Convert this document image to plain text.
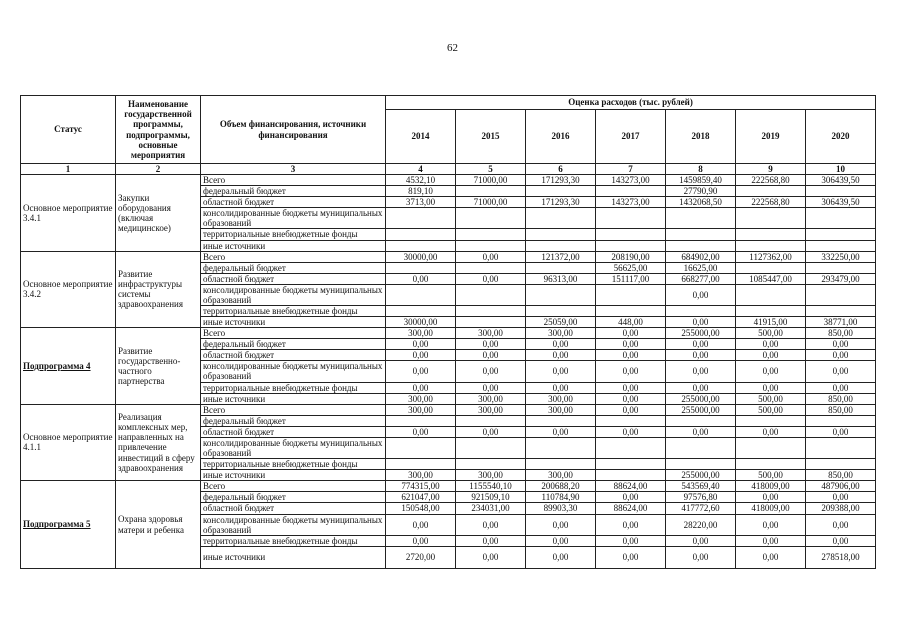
62
Статус	Наименование государственной программы, подпрограммы, основные мероприятия	Объем финансирования, источники финансирования	Оценка расходов (тыс. рублей)						
			2014	2015	2016	2017	2018	2019	2020
1	2	3	4	5	6	7	8	9	10
Основное мероприятие 3.4.1	Закупки оборудования (включая медицинское)	Всего	4532,10	71000,00	171293,30	143273,00	1459859,40	222568,80	306439,50
		федеральный бюджет	819,10				27790,90		
		областной бюджет	3713,00	71000,00	171293,30	143273,00	1432068,50	222568,80	306439,50
		консолидированные бюджеты муниципальных образований							
		территориальные внебюджетные фонды							
		иные источники							
Основное мероприятие 3.4.2	Развитие инфраструктуры системы здравоохранения	Всего	30000,00	0,00	121372,00	208190,00	684902,00	1127362,00	332250,00
		федеральный бюджет				56625,00	16625,00		
		областной бюджет	0,00	0,00	96313,00	151117,00	668277,00	1085447,00	293479,00
		консолидированные бюджеты муниципальных образований					0,00		
		территориальные внебюджетные фонды							
		иные источники	30000,00		25059,00	448,00	0,00	41915,00	38771,00
Подпрограмма 4	Развитие государственно-частного партнерства	Всего	300,00	300,00	300,00	0,00	255000,00	500,00	850,00
		федеральный бюджет	0,00	0,00	0,00	0,00	0,00	0,00	0,00
		областной бюджет	0,00	0,00	0,00	0,00	0,00	0,00	0,00
		консолидированные бюджеты муниципальных образований	0,00	0,00	0,00	0,00	0,00	0,00	0,00
		территориальные внебюджетные фонды	0,00	0,00	0,00	0,00	0,00	0,00	0,00
		иные источники	300,00	300,00	300,00	0,00	255000,00	500,00	850,00
Основное мероприятие 4.1.1	Реализация комплексных мер, направленных на привлечение инвестиций в сферу здравоохранения	Всего	300,00	300,00	300,00	0,00	255000,00	500,00	850,00
		федеральный бюджет							
		областной бюджет	0,00	0,00	0,00	0,00	0,00	0,00	0,00
		консолидированные бюджеты муниципальных образований							
		территориальные внебюджетные фонды							
		иные источники	300,00	300,00	300,00		255000,00	500,00	850,00
Подпрограмма 5	Охрана здоровья матери и ребенка	Всего	774315,00	1155540,10	200688,20	88624,00	543569,40	418009,00	487906,00
		федеральный бюджет	621047,00	921509,10	110784,90	0,00	97576,80	0,00	0,00
		областной бюджет	150548,00	234031,00	89903,30	88624,00	417772,60	418009,00	209388,00
		консолидированные бюджеты муниципальных образований	0,00	0,00	0,00	0,00	28220,00	0,00	0,00
		территориальные внебюджетные фонды	0,00	0,00	0,00	0,00	0,00	0,00	0,00
		иные источники	2720,00	0,00	0,00	0,00	0,00	0,00	278518,00
